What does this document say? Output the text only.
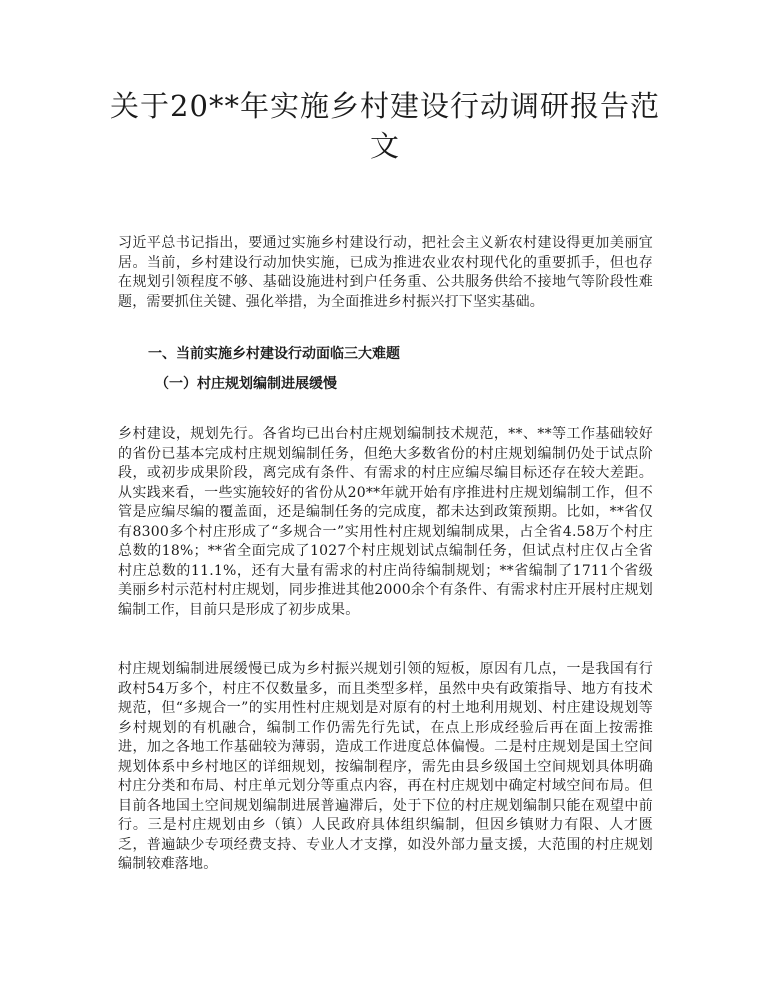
关于20**年实施乡村建设行动调研报告范文

习近平总书记指出，要通过实施乡村建设行动，把社会主义新农村建设得更加美丽宜居。当前，乡村建设行动加快实施，已成为推进农业农村现代化的重要抓手，但也存在规划引领程度不够、基础设施进村到户任务重、公共服务供给不接地气等阶段性难题，需要抓住关键、强化举措，为全面推进乡村振兴打下坚实基础。

一、当前实施乡村建设行动面临三大难题

（一）村庄规划编制进展缓慢

乡村建设，规划先行。各省均已出台村庄规划编制技术规范，**、**等工作基础较好的省份已基本完成村庄规划编制任务，但绝大多数省份的村庄规划编制仍处于试点阶段，或初步成果阶段，离完成有条件、有需求的村庄应编尽编目标还存在较大差距。从实践来看，一些实施较好的省份从20**年就开始有序推进村庄规划编制工作，但不管是应编尽编的覆盖面，还是编制任务的完成度，都未达到政策预期。比如，**省仅有8300多个村庄形成了“多规合一”实用性村庄规划编制成果，占全省4.58万个村庄总数的18%；**省全面完成了1027个村庄规划试点编制任务，但试点村庄仅占全省村庄总数的11.1%，还有大量有需求的村庄尚待编制规划；**省编制了1711个省级美丽乡村示范村村庄规划，同步推进其他2000余个有条件、有需求村庄开展村庄规划编制工作，目前只是形成了初步成果。

村庄规划编制进展缓慢已成为乡村振兴规划引领的短板，原因有几点，一是我国有行政村54万多个，村庄不仅数量多，而且类型多样，虽然中央有政策指导、地方有技术规范，但“多规合一”的实用性村庄规划是对原有的村土地利用规划、村庄建设规划等乡村规划的有机融合，编制工作仍需先行先试，在点上形成经验后再在面上按需推进，加之各地工作基础较为薄弱，造成工作进度总体偏慢。二是村庄规划是国土空间规划体系中乡村地区的详细规划，按编制程序，需先由县乡级国土空间规划具体明确村庄分类和布局、村庄单元划分等重点内容，再在村庄规划中确定村域空间布局。但目前各地国土空间规划编制进展普遍滞后，处于下位的村庄规划编制只能在观望中前行。三是村庄规划由乡（镇）人民政府具体组织编制，但因乡镇财力有限、人才匮乏，普遍缺少专项经费支持、专业人才支撑，如没外部力量支援，大范围的村庄规划编制较难落地。
